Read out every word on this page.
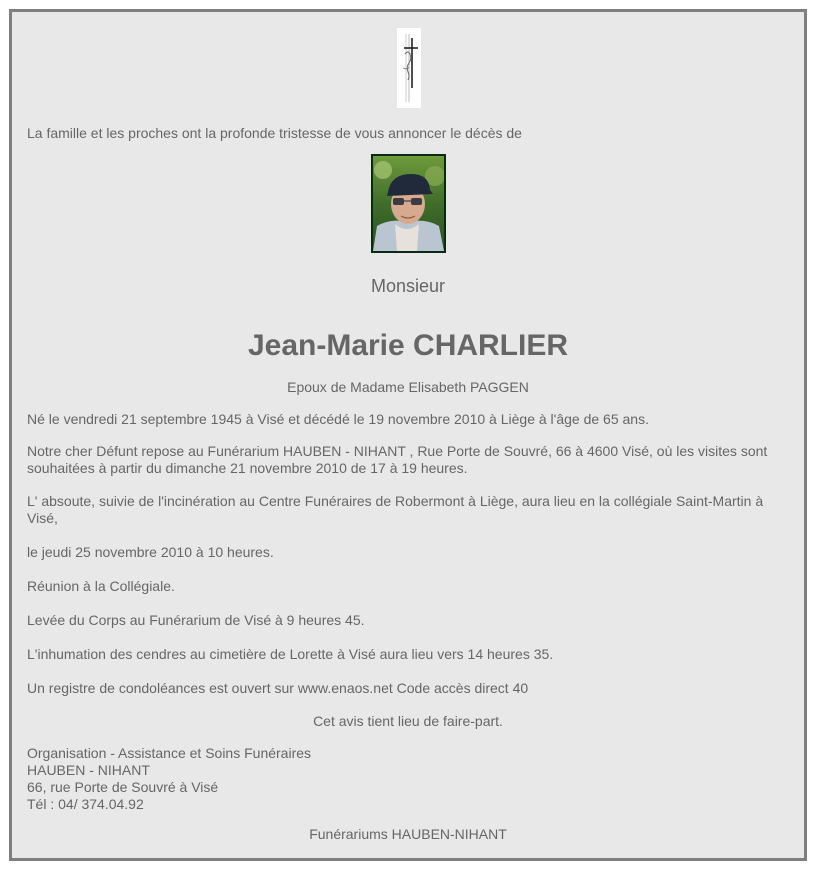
La famille et les proches ont la profonde tristesse de vous annoncer le décès de

Monsieur

Jean-Marie CHARLIER

Epoux de Madame Elisabeth PAGGEN

Né le vendredi 21 septembre 1945 à Visé et décédé le 19 novembre 2010 à Liège à l'âge de 65 ans.

Notre cher Défunt repose au Funérarium HAUBEN - NIHANT , Rue Porte de Souvré, 66 à 4600 Visé, où les visites sont souhaitées à partir du dimanche 21 novembre 2010 de 17 à 19 heures.

L' absoute, suivie de l'incinération au Centre Funéraires de Robermont à Liège, aura lieu en la collégiale Saint-Martin à Visé,

le jeudi 25 novembre 2010 à 10 heures.

Réunion à la Collégiale.

Levée du Corps au Funérarium de Visé à 9 heures 45.

L'inhumation des cendres au cimetière de Lorette à Visé aura lieu vers 14 heures 35.

Un registre de condoléances est ouvert sur www.enaos.net Code accès direct 40

Cet avis tient lieu de faire-part.

Organisation - Assistance et Soins Funéraires
HAUBEN - NIHANT
66, rue Porte de Souvré à Visé
Tél : 04/ 374.04.92

Funérariums HAUBEN-NIHANT
